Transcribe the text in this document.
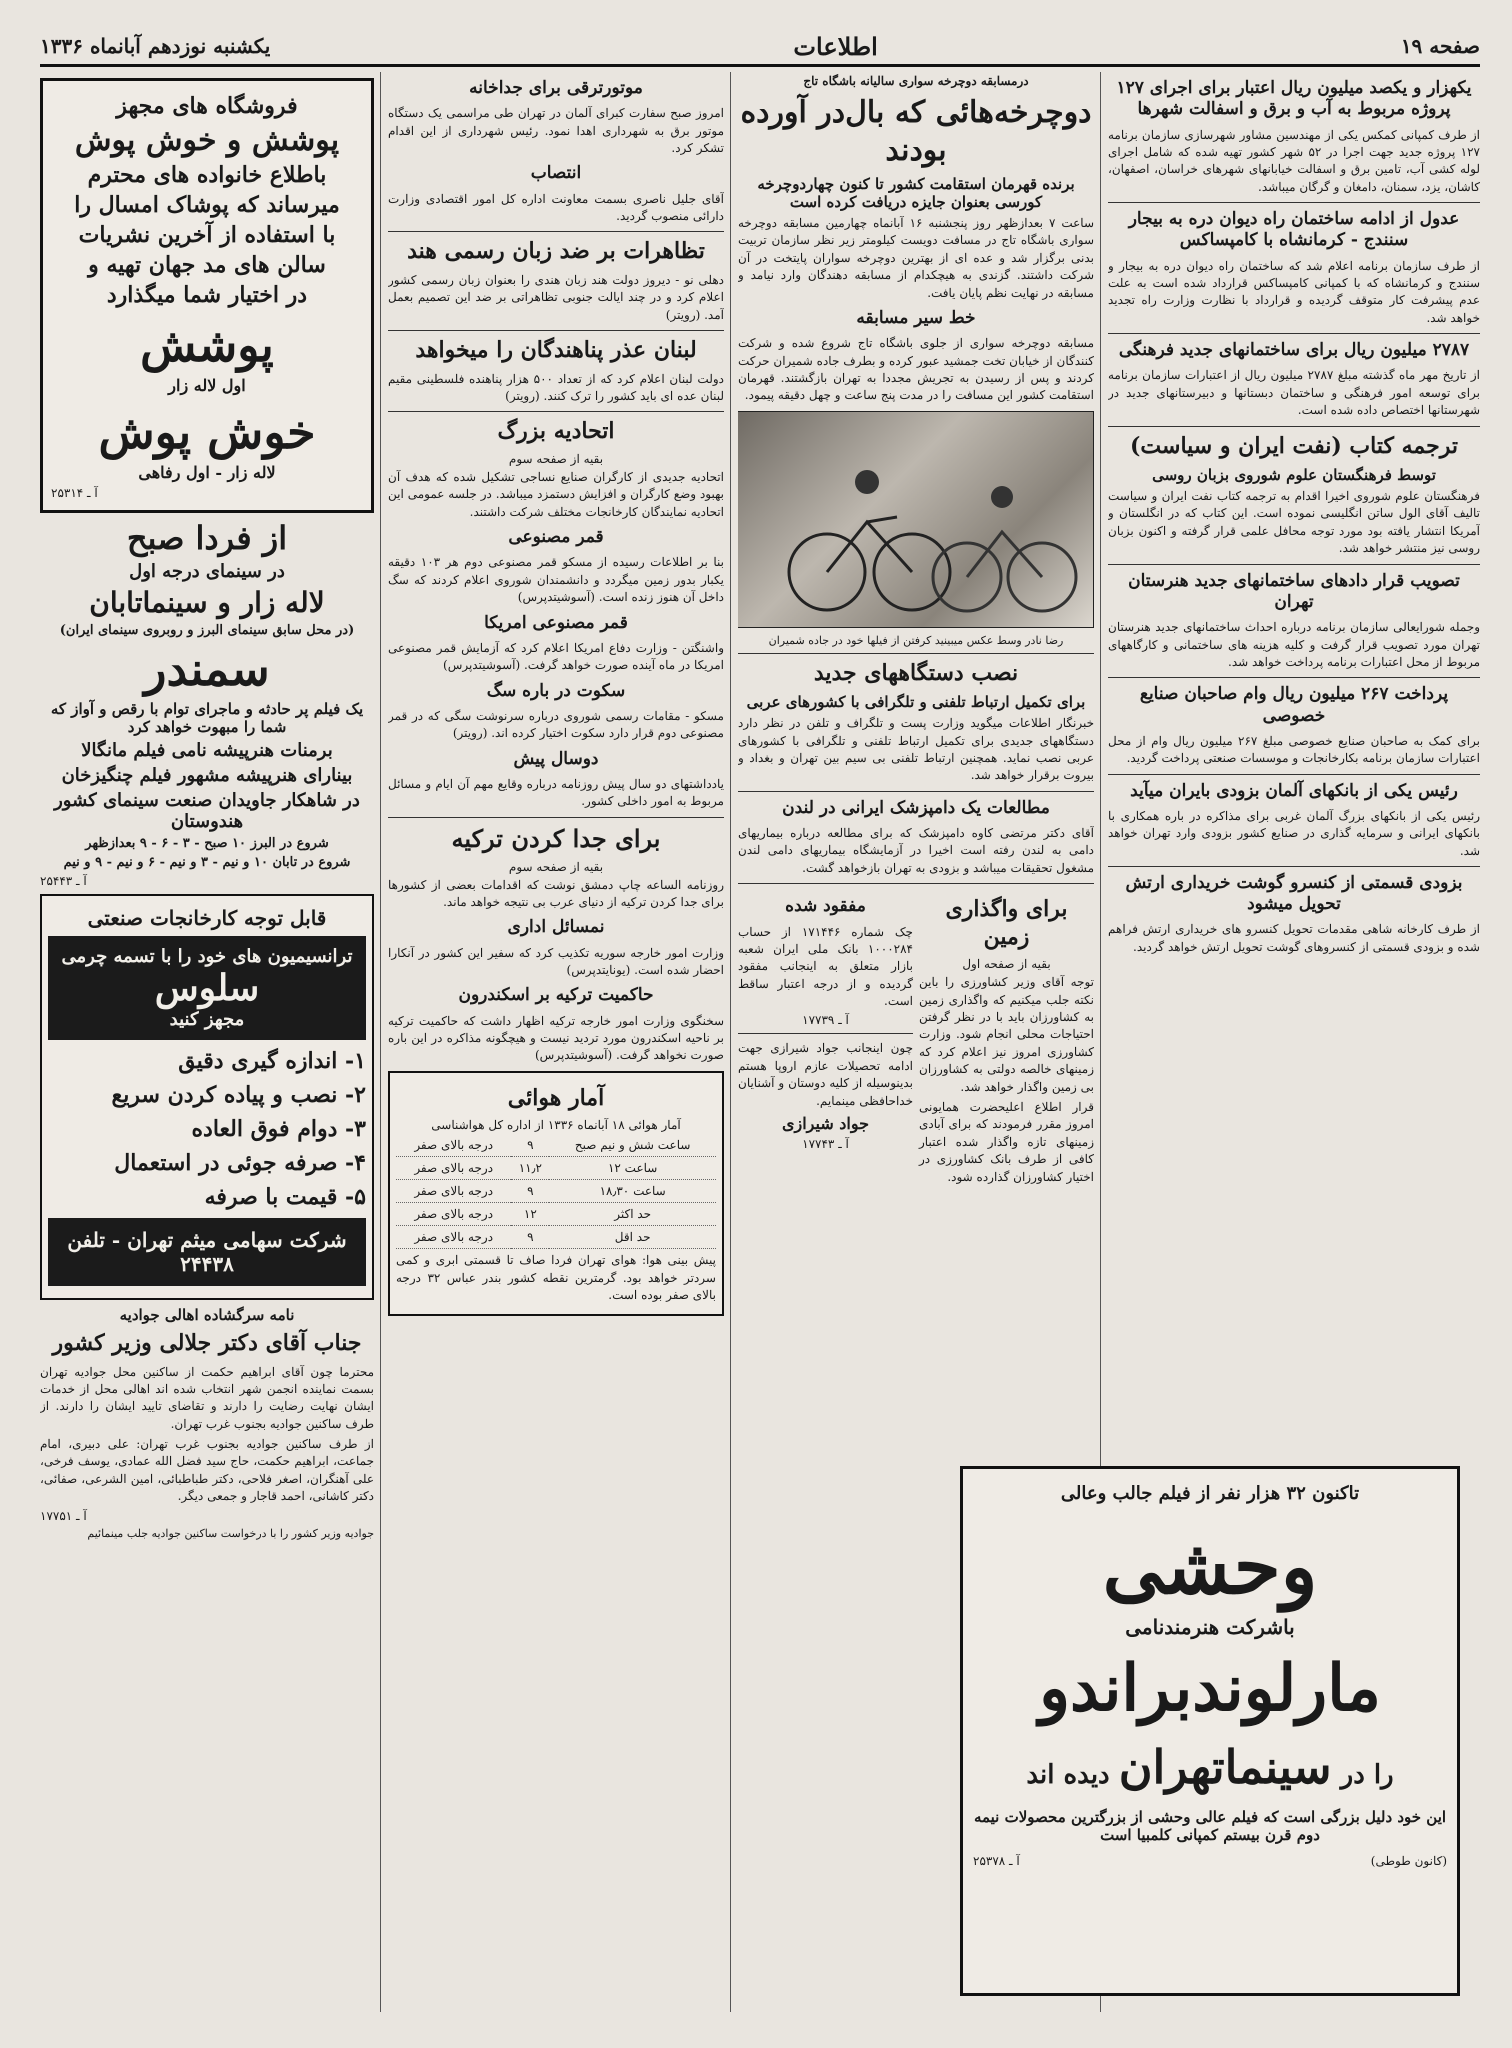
صفحه ۱۹
اطلاعات
یکشنبه نوزدهم آبانماه ۱۳۳۶
یکهزار و یکصد میلیون ریال اعتبار برای اجرای ۱۲۷ پروژه مربوط به آب و برق و اسفالت شهرها

از طرف کمپانی کمکس یکی از مهندسین مشاور شهرسازی سازمان برنامه ۱۲۷ پروژه جدید جهت اجرا در ۵۲ شهر کشور تهیه شده که شامل اجرای لوله کشی آب، تامین برق و اسفالت خیابانهای شهرهای خراسان، اصفهان، کاشان، یزد، سمنان، دامغان و گرگان میباشد.

عدول از ادامه ساختمان راه دیوان دره به بیجار سنندج - کرمانشاه با کامپساکس

از طرف سازمان برنامه اعلام شد که ساختمان راه دیوان دره به بیجار و سنندج و کرمانشاه که با کمپانی کامپساکس قرارداد شده است به علت عدم پیشرفت کار متوقف گردیده و قرارداد با نظارت وزارت راه تجدید خواهد شد.

۲۷۸۷ میلیون ریال برای ساختمانهای جدید فرهنگی

از تاریخ مهر ماه گذشته مبلغ ۲۷۸۷ میلیون ریال از اعتبارات سازمان برنامه برای توسعه امور فرهنگی و ساختمان دبستانها و دبیرستانهای جدید در شهرستانها اختصاص داده شده است.

ترجمه کتاب (نفت ایران و سیاست)
توسط فرهنگستان علوم شوروی بزبان روسی

فرهنگستان علوم شوروی اخیرا اقدام به ترجمه کتاب نفت ایران و سیاست تالیف آقای الول ساتن انگلیسی نموده است. این کتاب که در انگلستان و آمریکا انتشار یافته بود مورد توجه محافل علمی قرار گرفته و اکنون بزبان روسی نیز منتشر خواهد شد.

تصویب قرار دادهای ساختمانهای جدید هنرستان تهران

وجمله شورایعالی سازمان برنامه درباره احداث ساختمانهای جدید هنرستان تهران مورد تصویب قرار گرفت و کلیه هزینه های ساختمانی و کارگاههای مربوط از محل اعتبارات برنامه پرداخت خواهد شد.

پرداخت ۲۶۷ میلیون ریال وام صاحبان صنایع خصوصی

برای کمک به صاحبان صنایع خصوصی مبلغ ۲۶۷ میلیون ریال وام از محل اعتبارات سازمان برنامه بکارخانجات و موسسات صنعتی پرداخت گردید.

رئیس یکی از بانکهای آلمان بزودی بایران میآید

رئیس یکی از بانکهای بزرگ آلمان غربی برای مذاکره در باره همکاری با بانکهای ایرانی و سرمایه گذاری در صنایع کشور بزودی وارد تهران خواهد شد.

بزودی قسمتی از کنسرو گوشت خریداری ارتش تحویل میشود

از طرف کارخانه شاهی مقدمات تحویل کنسرو های خریداری ارتش فراهم شده و بزودی قسمتی از کنسروهای گوشت تحویل ارتش خواهد گردید.

تاکنون ۳۲ هزار نفر از فیلم جالب وعالی
وحشی
باشرکت هنرمندنامی
مارلوندبراندو
را در سینماتهران دیده اند
این خود دلیل بزرگی است که فیلم عالی وحشی از بزرگترین محصولات نیمه دوم قرن بیستم کمپانی کلمبیا است
(کانون طوطی)
آ ـ ۲۵۳۷۸
درمسابقه دوچرخه سواری سالیانه باشگاه تاج
دوچرخه‌هائی که بال‌در آورده بودند
برنده قهرمان استقامت کشور تا کنون چهاردوچرخه کورسی بعنوان جایزه دریافت کرده است

ساعت ۷ بعدازظهر روز پنجشنبه ۱۶ آبانماه چهارمین مسابقه دوچرخه سواری باشگاه تاج در مسافت دویست کیلومتر زیر نظر سازمان تربیت بدنی برگزار شد و عده ای از بهترین دوچرخه سواران پایتخت در آن شرکت داشتند. گزندی به هیچکدام از مسابقه دهندگان وارد نیامد و مسابقه در نهایت نظم پایان یافت.

خط سیر مسابقه

مسابقه دوچرخه سواری از جلوی باشگاه تاج شروع شده و شرکت کنندگان از خیابان تخت جمشید عبور کرده و بطرف جاده شمیران حرکت کردند و پس از رسیدن به تجریش مجددا به تهران بازگشتند. قهرمان استقامت کشور این مسافت را در مدت پنج ساعت و چهل دقیقه پیمود.

رضا نادر وسط عکس میبینید کرفتن از فیلها خود در جاده شمیران
نصب دستگاههای جدید
برای تکمیل ارتباط تلفنی و تلگرافی با کشورهای عربی

خبرنگار اطلاعات میگوید وزارت پست و تلگراف و تلفن در نظر دارد دستگاههای جدیدی برای تکمیل ارتباط تلفنی و تلگرافی با کشورهای عربی نصب نماید. همچنین ارتباط تلفنی بی سیم بین تهران و بغداد و بیروت برقرار خواهد شد.

مطالعات یک دامپزشک ایرانی در لندن

آقای دکتر مرتضی کاوه دامپزشک که برای مطالعه درباره بیماریهای دامی به لندن رفته است اخیرا در آزمایشگاه بیماریهای دامی لندن مشغول تحقیقات میباشد و بزودی به تهران بازخواهد گشت.

برای واگذاری زمین
بقیه از صفحه اول

توجه آقای وزیر کشاورزی را باین نکته جلب میکنیم که واگذاری زمین به کشاورزان باید با در نظر گرفتن احتیاجات محلی انجام شود. وزارت کشاورزی امروز نیز اعلام کرد که زمینهای خالصه دولتی به کشاورزان بی زمین واگذار خواهد شد.

قرار اطلاع اعلیحضرت همایونی امروز مقرر فرمودند که برای آبادی زمینهای تازه واگذار شده اعتبار کافی از طرف بانک کشاورزی در اختیار کشاورزان گذارده شود.

مفقود شده

چک شماره ۱۷۱۴۴۶ از حساب ۱۰۰۰۲۸۴ بانک ملی ایران شعبه بازار متعلق به اینجانب مفقود گردیده و از درجه اعتبار ساقط است.

آ ـ ۱۷۷۳۹

چون اینجانب جواد شیرازی جهت ادامه تحصیلات عازم اروپا هستم بدینوسیله از کلیه دوستان و آشنایان خداحافظی مینمایم.

جواد شیرازی
آ ـ ۱۷۷۴۳
موتورترقی برای جداخانه

امروز صبح سفارت کبرای آلمان در تهران طی مراسمی یک دستگاه موتور برق به شهرداری اهدا نمود. رئیس شهرداری از این اقدام تشکر کرد.

انتصاب

آقای جلیل ناصری بسمت معاونت اداره کل امور اقتصادی وزارت دارائی منصوب گردید.

تظاهرات بر ضد زبان رسمی هند

دهلی نو - دیروز دولت هند زبان هندی را بعنوان زبان رسمی کشور اعلام کرد و در چند ایالت جنوبی تظاهراتی بر ضد این تصمیم بعمل آمد. (رویتر)

لبنان عذر پناهندگان را میخواهد

دولت لبنان اعلام کرد که از تعداد ۵۰۰ هزار پناهنده فلسطینی مقیم لبنان عده ای باید کشور را ترک کنند. (رویتر)

اتحادیه بزرگ
بقیه از صفحه سوم

اتحادیه جدیدی از کارگران صنایع نساجی تشکیل شده که هدف آن بهبود وضع کارگران و افزایش دستمزد میباشد. در جلسه عمومی این اتحادیه نمایندگان کارخانجات مختلف شرکت داشتند.

قمر مصنوعی

بنا بر اطلاعات رسیده از مسکو قمر مصنوعی دوم هر ۱۰۳ دقیقه یکبار بدور زمین میگردد و دانشمندان شوروی اعلام کردند که سگ داخل آن هنوز زنده است. (آسوشیتدپرس)

قمر مصنوعی امریکا

واشنگتن - وزارت دفاع امریکا اعلام کرد که آزمایش قمر مصنوعی امریکا در ماه آینده صورت خواهد گرفت. (آسوشیتدپرس)

سکوت در باره سگ

مسکو - مقامات رسمی شوروی درباره سرنوشت سگی که در قمر مصنوعی دوم قرار دارد سکوت اختیار کرده اند. (رویتر)

دوسال پیش

یادداشتهای دو سال پیش روزنامه درباره وقایع مهم آن ایام و مسائل مربوط به امور داخلی کشور.

برای جدا کردن ترکیه
بقیه از صفحه سوم

روزنامه الساعه چاپ دمشق نوشت که اقدامات بعضی از کشورها برای جدا کردن ترکیه از دنیای عرب بی نتیجه خواهد ماند.

نمسائل اداری

وزارت امور خارجه سوریه تکذیب کرد که سفیر این کشور در آنکارا احضار شده است. (یونایتدپرس)

حاکمیت ترکیه بر اسکندرون

سخنگوی وزارت امور خارجه ترکیه اظهار داشت که حاکمیت ترکیه بر ناحیه اسکندرون مورد تردید نیست و هیچگونه مذاکره در این باره صورت نخواهد گرفت. (آسوشیتدپرس)

آمار هوائی
آمار هوائی ۱۸ آبانماه ۱۳۳۶ از اداره کل هواشناسی
ساعت شش و نیم صبح	۹	درجه بالای صفر
ساعت ۱۲	۱۱٫۲	درجه بالای صفر
ساعت ۱۸٫۳۰	۹	درجه بالای صفر
حد اکثر	۱۲	درجه بالای صفر
حد اقل	۹	درجه بالای صفر

پیش بینی هوا: هوای تهران فردا صاف تا قسمتی ابری و کمی سردتر خواهد بود. گرمترین نقطه کشور بندر عباس ۳۲ درجه بالای صفر بوده است.

فروشگاه های مجهز
پوشش و خوش پوش
باطلاع خانواده های محترم
میرساند که پوشاک امسال را
با استفاده از آخرین نشریات
سالن های مد جهان تهیه و
در اختیار شما میگذارد
پوشش
اول لاله زار
خوش پوش
لاله زار - اول رفاهی
آ ـ ۲۵۳۱۴
از فردا صبح
در سینمای درجه اول
لاله زار و سینماتابان
(در محل سابق سینمای البرز و روبروی سینمای ایران)
سمندر
یک فیلم پر حادثه و ماجرای توام با رقص و آواز که شما را مبهوت خواهد کرد
برمنات هنرپیشه نامی فیلم مانگالا
بینارای هنرپیشه مشهور فیلم چنگیزخان
در شاهکار جاویدان صنعت سینمای کشور هندوستان
شروع در البرز ۱۰ صبح - ۳ - ۶ - ۹ بعدازظهر
شروع در تابان ۱۰ و نیم - ۳ و نیم - ۶ و نیم - ۹ و نیم
آ ـ ۲۵۴۴۳
قابل توجه کارخانجات صنعتی
ترانسیمیون های خود را با تسمه چرمی
سلوس
مجهز کنید
۱- اندازه گیری دقیق
۲- نصب و پیاده کردن سریع
۳- دوام فوق العاده
۴- صرفه جوئی در استعمال
۵- قیمت با صرفه
شرکت سهامی میثم تهران - تلفن ۲۴۴۳۸
نامه سرگشاده اهالی جوادیه
جناب آقای دکتر جلالی وزیر کشور

محترما چون آقای ابراهیم حکمت از ساکنین محل جوادیه تهران بسمت نماینده انجمن شهر انتخاب شده اند اهالی محل از خدمات ایشان نهایت رضایت را دارند و تقاضای تایید ایشان را دارند. از طرف ساکنین جوادیه بجنوب غرب تهران.

از طرف ساکنین جوادیه بجنوب غرب تهران: علی دبیری، امام جماعت، ابراهیم حکمت، حاج سید فضل الله عمادی، یوسف فرخی، علی آهنگران، اصغر فلاحی، دکتر طباطبائی، امین الشرعی، صفائی، دکتر کاشانی، احمد قاجار و جمعی دیگر.

آ ـ ۱۷۷۵۱

جوادیه وزیر کشور را با درخواست ساکنین جوادیه جلب مینمائیم
